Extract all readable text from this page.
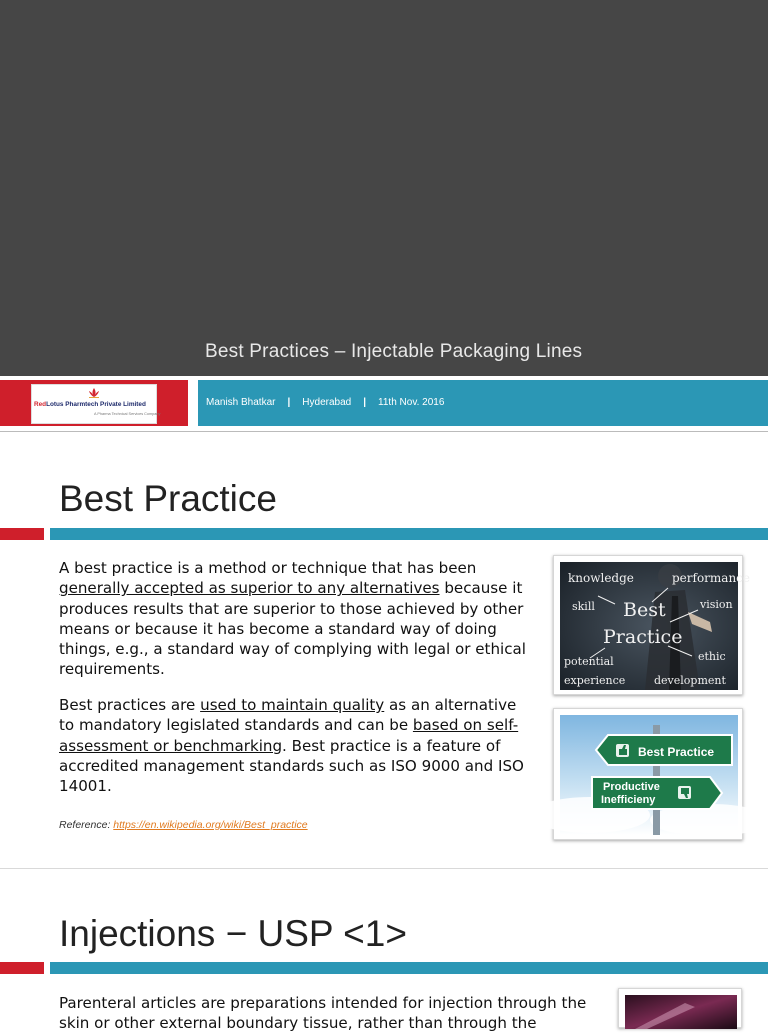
Best Practices – Injectable Packaging Lines
RedLotus Pharmtech Private Limited
A Pharma Technical Services Company
Manish Bhatkar | Hyderabad | 11th Nov. 2016
Best Practice
A best practice is a method or technique that has been generally accepted as superior to any alternatives because it produces results that are superior to those achieved by other means or because it has become a standard way of doing things, e.g., a standard way of complying with legal or ethical requirements.
Best practices are used to maintain quality as an alternative to mandatory legislated standards and can be based on self-assessment or benchmarking. Best practice is a feature of accredited management standards such as ISO 9000 and ISO 14001.
Reference: https://en.wikipedia.org/wiki/Best_practice
knowledge	performance
skill Best	vision
Practice
potential	ethic
experience	development
Best Practice
Productive
Inefficieny
Injections − USP <1>
Parenteral articles are preparations intended for injection through the skin or other external boundary tissue, rather than through the
